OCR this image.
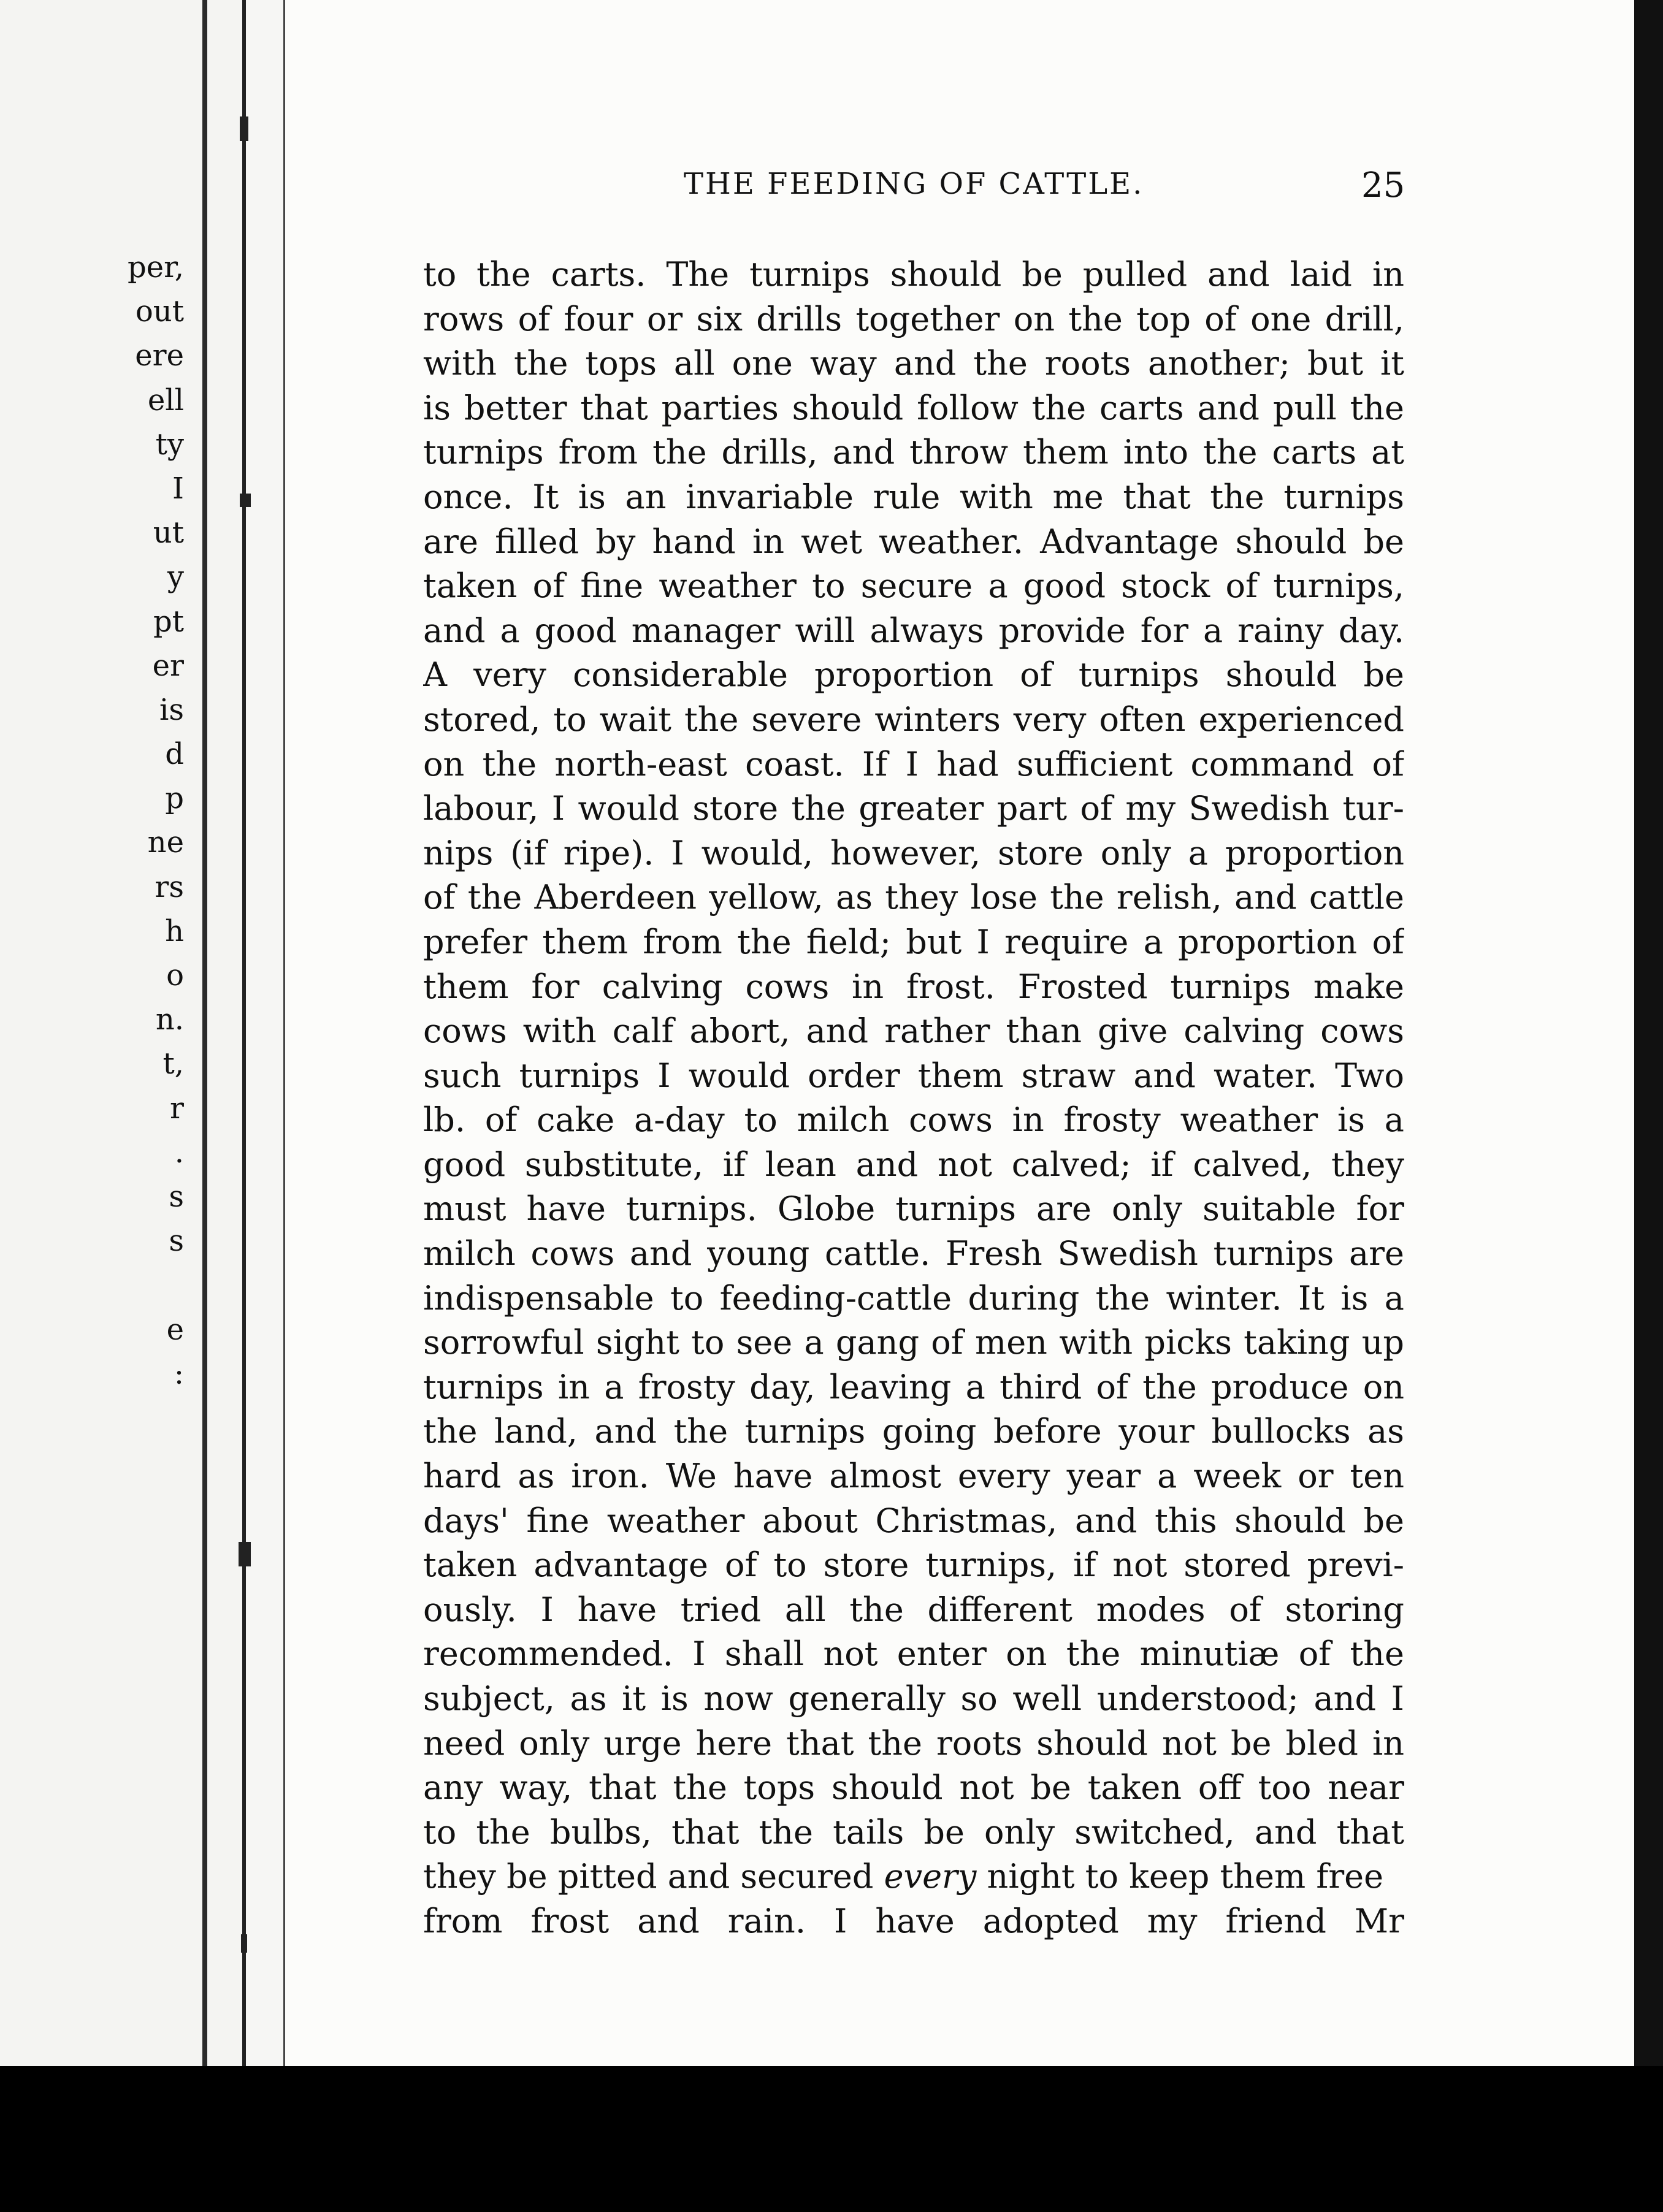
per,
out
ere
ell
ty
I
ut
y
pt
er
is
d
p
ne
rs
h
o
n.
t,
r
.
s
s
e
:
THE FEEDING OF CATTLE.	25
to the carts. The turnips should be pulled and laid in
rows of four or six drills together on the top of one drill,
with the tops all one way and the roots another; but it
is better that parties should follow the carts and pull the
turnips from the drills, and throw them into the carts at
once. It is an invariable rule with me that the turnips
are filled by hand in wet weather. Advantage should be
taken of fine weather to secure a good stock of turnips,
and a good manager will always provide for a rainy day.
A very considerable proportion of turnips should be
stored, to wait the severe winters very often experienced
on the north-east coast. If I had sufficient command of
labour, I would store the greater part of my Swedish tur-
nips (if ripe). I would, however, store only a proportion
of the Aberdeen yellow, as they lose the relish, and cattle
prefer them from the field; but I require a proportion of
them for calving cows in frost. Frosted turnips make
cows with calf abort, and rather than give calving cows
such turnips I would order them straw and water. Two
lb. of cake a-day to milch cows in frosty weather is a
good substitute, if lean and not calved; if calved, they
must have turnips. Globe turnips are only suitable for
milch cows and young cattle. Fresh Swedish turnips are
indispensable to feeding-cattle during the winter. It is a
sorrowful sight to see a gang of men with picks taking up
turnips in a frosty day, leaving a third of the produce on
the land, and the turnips going before your bullocks as
hard as iron. We have almost every year a week or ten
days' fine weather about Christmas, and this should be
taken advantage of to store turnips, if not stored previ-
ously. I have tried all the different modes of storing
recommended. I shall not enter on the minutiæ of the
subject, as it is now generally so well understood; and I
need only urge here that the roots should not be bled in
any way, that the tops should not be taken off too near
to the bulbs, that the tails be only switched, and that
they be pitted and secured every night to keep them free
from frost and rain. I have adopted my friend Mr
